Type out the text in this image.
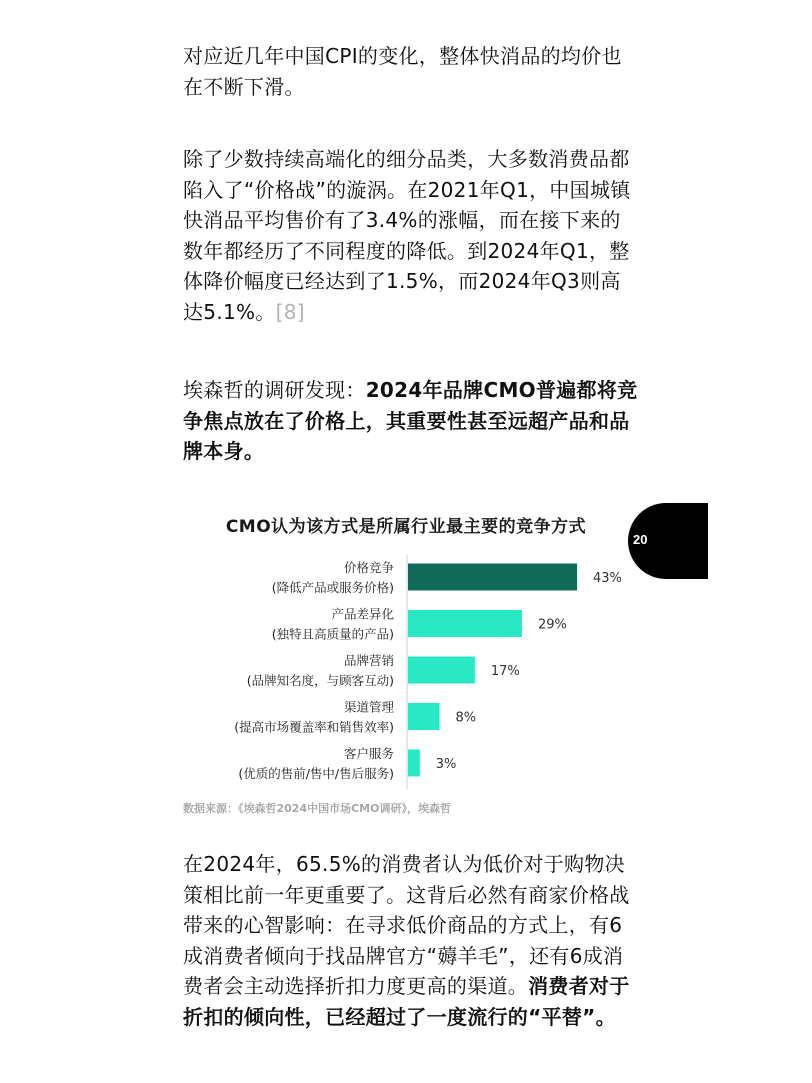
对应近几年中国CPI的变化，整体快消品的均价也在不断下滑。

除了少数持续高端化的细分品类，大多数消费品都陷入了“价格战”的漩涡。在2021年Q1，中国城镇快消品平均售价有了3.4%的涨幅，而在接下来的数年都经历了不同程度的降低。到2024年Q1，整体降价幅度已经达到了1.5%，而2024年Q3则高达5.1%。[8]

埃森哲的调研发现：2024年品牌CMO普遍都将竞争焦点放在了价格上，其重要性甚至远超产品和品牌本身。

20
CMO认为该方式是所属行业最主要的竞争方式
43%
价格竞争
(降低产品或服务价格)
29%
产品差异化
(独特且高质量的产品)
17%
品牌营销
(品牌知名度，与顾客互动)
8%
渠道管理
(提高市场覆盖率和销售效率)
3%
客户服务
(优质的售前/售中/售后服务)
数据来源：《埃森哲2024中国市场CMO调研》，埃森哲

在2024年，65.5%的消费者认为低价对于购物决策相比前一年更重要了。这背后必然有商家价格战带来的心智影响：在寻求低价商品的方式上，有6成消费者倾向于找品牌官方“薅羊毛”，还有6成消费者会主动选择折扣力度更高的渠道。消费者对于折扣的倾向性，已经超过了一度流行的“平替”。
